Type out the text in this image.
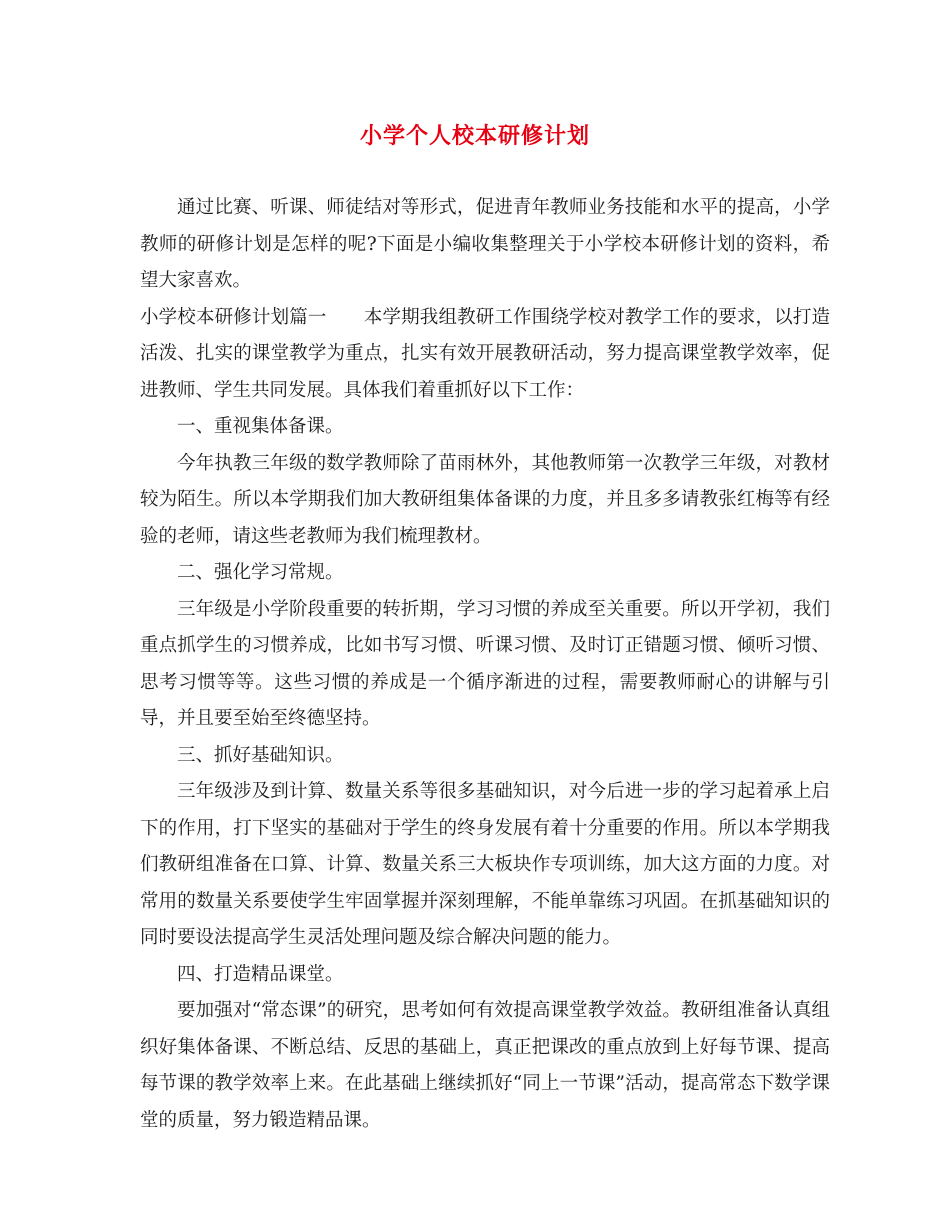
小学个人校本研修计划

通过比赛、听课、师徒结对等形式，促进青年教师业务技能和水平的提高，小学教师的研修计划是怎样的呢?下面是小编收集整理关于小学校本研修计划的资料，希望大家喜欢。

小学校本研修计划篇一　　本学期我组教研工作围绕学校对教学工作的要求，以打造活泼、扎实的课堂教学为重点，扎实有效开展教研活动，努力提高课堂教学效率，促进教师、学生共同发展。具体我们着重抓好以下工作：

一、重视集体备课。

今年执教三年级的数学教师除了苗雨林外，其他教师第一次教学三年级，对教材较为陌生。所以本学期我们加大教研组集体备课的力度，并且多多请教张红梅等有经验的老师，请这些老教师为我们梳理教材。

二、强化学习常规。

三年级是小学阶段重要的转折期，学习习惯的养成至关重要。所以开学初，我们重点抓学生的习惯养成，比如书写习惯、听课习惯、及时订正错题习惯、倾听习惯、思考习惯等等。这些习惯的养成是一个循序渐进的过程，需要教师耐心的讲解与引导，并且要至始至终德坚持。

三、抓好基础知识。

三年级涉及到计算、数量关系等很多基础知识，对今后进一步的学习起着承上启下的作用，打下坚实的基础对于学生的终身发展有着十分重要的作用。所以本学期我们教研组准备在口算、计算、数量关系三大板块作专项训练，加大这方面的力度。对常用的数量关系要使学生牢固掌握并深刻理解，不能单靠练习巩固。在抓基础知识的同时要设法提高学生灵活处理问题及综合解决问题的能力。

四、打造精品课堂。

要加强对“常态课”的研究，思考如何有效提高课堂教学效益。教研组准备认真组织好集体备课、不断总结、反思的基础上，真正把课改的重点放到上好每节课、提高每节课的教学效率上来。在此基础上继续抓好“同上一节课”活动，提高常态下数学课堂的质量，努力锻造精品课。
